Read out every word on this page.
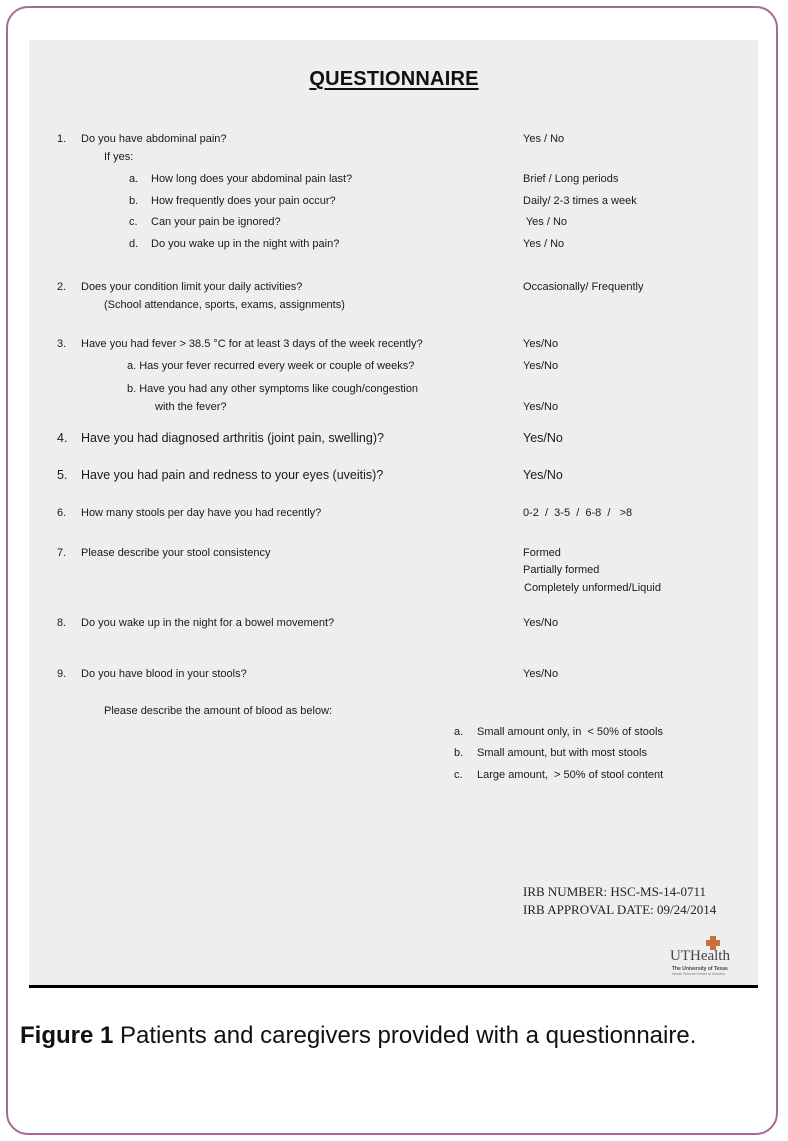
QUESTIONNAIRE
1. Do you have abdominal pain?	Yes / No
If yes:
a. How long does your abdominal pain last?	Brief / Long periods
b. How frequently does your pain occur?	Daily/ 2-3 times a week
c. Can your pain be ignored?	Yes / No
d. Do you wake up in the night with pain?	Yes / No
2. Does your condition limit your daily activities?	Occasionally/ Frequently
(School attendance, sports, exams, assignments)
3. Have you had fever > 38.5 °C for at least 3 days of the week recently?	Yes/No
a. Has your fever recurred every week or couple of weeks?	Yes/No
b. Have you had any other symptoms like cough/congestion
with the fever?	Yes/No
4. Have you had diagnosed arthritis (joint pain, swelling)?	Yes/No
5. Have you had pain and redness to your eyes (uveitis)?	Yes/No
6. How many stools per day have you had recently?	0-2  /  3-5  /  6-8  /   >8
7. Please describe your stool consistency	Formed
Partially formed
Completely unformed/Liquid
8. Do you wake up in the night for a bowel movement?	Yes/No
9. Do you have blood in your stools?	Yes/No
Please describe the amount of blood as below:
a. Small amount only, in  < 50% of stools
b. Small amount, but with most stools
c. Large amount,  > 50% of stool content
IRB NUMBER: HSC-MS-14-0711
IRB APPROVAL DATE: 09/24/2014
UTHealth
The University of Texas
Health Science Center at Houston
Figure 1 Patients and caregivers provided with a questionnaire.
